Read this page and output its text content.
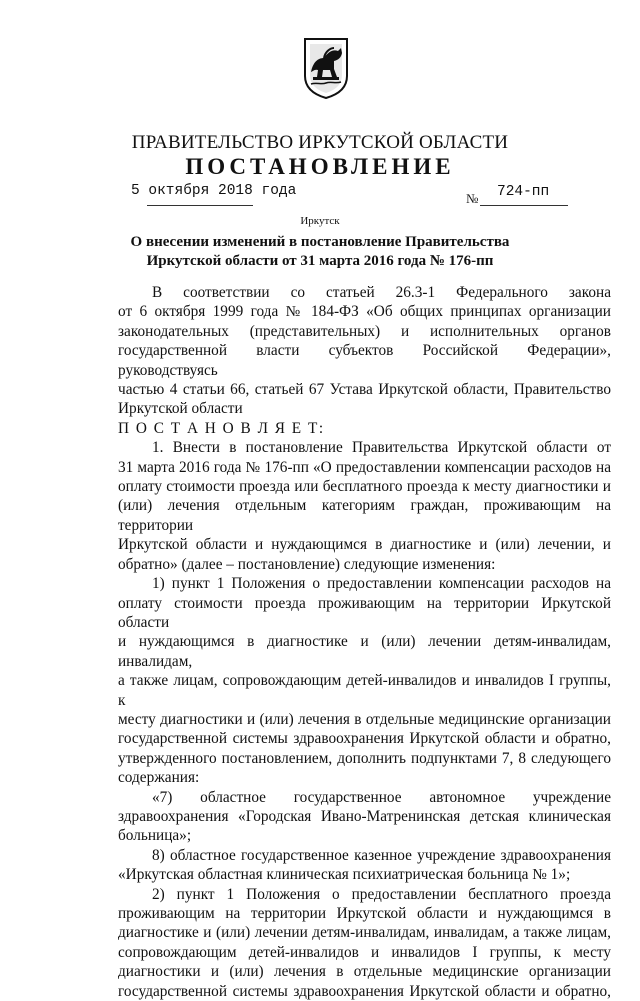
ПРАВИТЕЛЬСТВО ИРКУТСКОЙ ОБЛАСТИ
ПОСТАНОВЛЕНИЕ
5 октября 2018 года	№ 724-пп
Иркутск
О внесении изменений в постановление Правительства
Иркутской области от 31 марта 2016 года № 176-пп

В соответствии со статьей 26.3-1 Федерального закона

от 6 октября 1999 года № 184-ФЗ «Об общих принципах организации

законодательных (представительных) и исполнительных органов

государственной власти субъектов Российской Федерации», руководствуясь

частью 4 статьи 66, статьей 67 Устава Иркутской области, Правительство

Иркутской области

П О С Т А Н О В Л Я Е Т:

1. Внести в постановление Правительства Иркутской области от

31 марта 2016 года № 176-пп «О предоставлении компенсации расходов на

оплату стоимости проезда или бесплатного проезда к месту диагностики и

(или) лечения отдельным категориям граждан, проживающим на территории

Иркутской области и нуждающимся в диагностике и (или) лечении, и

обратно» (далее – постановление) следующие изменения:

1) пункт 1 Положения о предоставлении компенсации расходов на

оплату стоимости проезда проживающим на территории Иркутской области

и нуждающимся в диагностике и (или) лечении детям-инвалидам, инвалидам,

а также лицам, сопровождающим детей-инвалидов и инвалидов I группы, к

месту диагностики и (или) лечения в отдельные медицинские организации

государственной системы здравоохранения Иркутской области и обратно,

утвержденного постановлением, дополнить подпунктами 7, 8 следующего

содержания:

«7) областное государственное автономное учреждение

здравоохранения «Городская Ивано-Матренинская детская клиническая

больница»;

8) областное государственное казенное учреждение здравоохранения

«Иркутская областная клиническая психиатрическая больница № 1»;

2) пункт 1 Положения о предоставлении бесплатного проезда

проживающим на территории Иркутской области и нуждающимся в

диагностике и (или) лечении детям-инвалидам, инвалидам, а также лицам,

сопровождающим детей-инвалидов и инвалидов I группы, к месту

диагностики и (или) лечения в отдельные медицинские организации

государственной системы здравоохранения Иркутской области и обратно,
